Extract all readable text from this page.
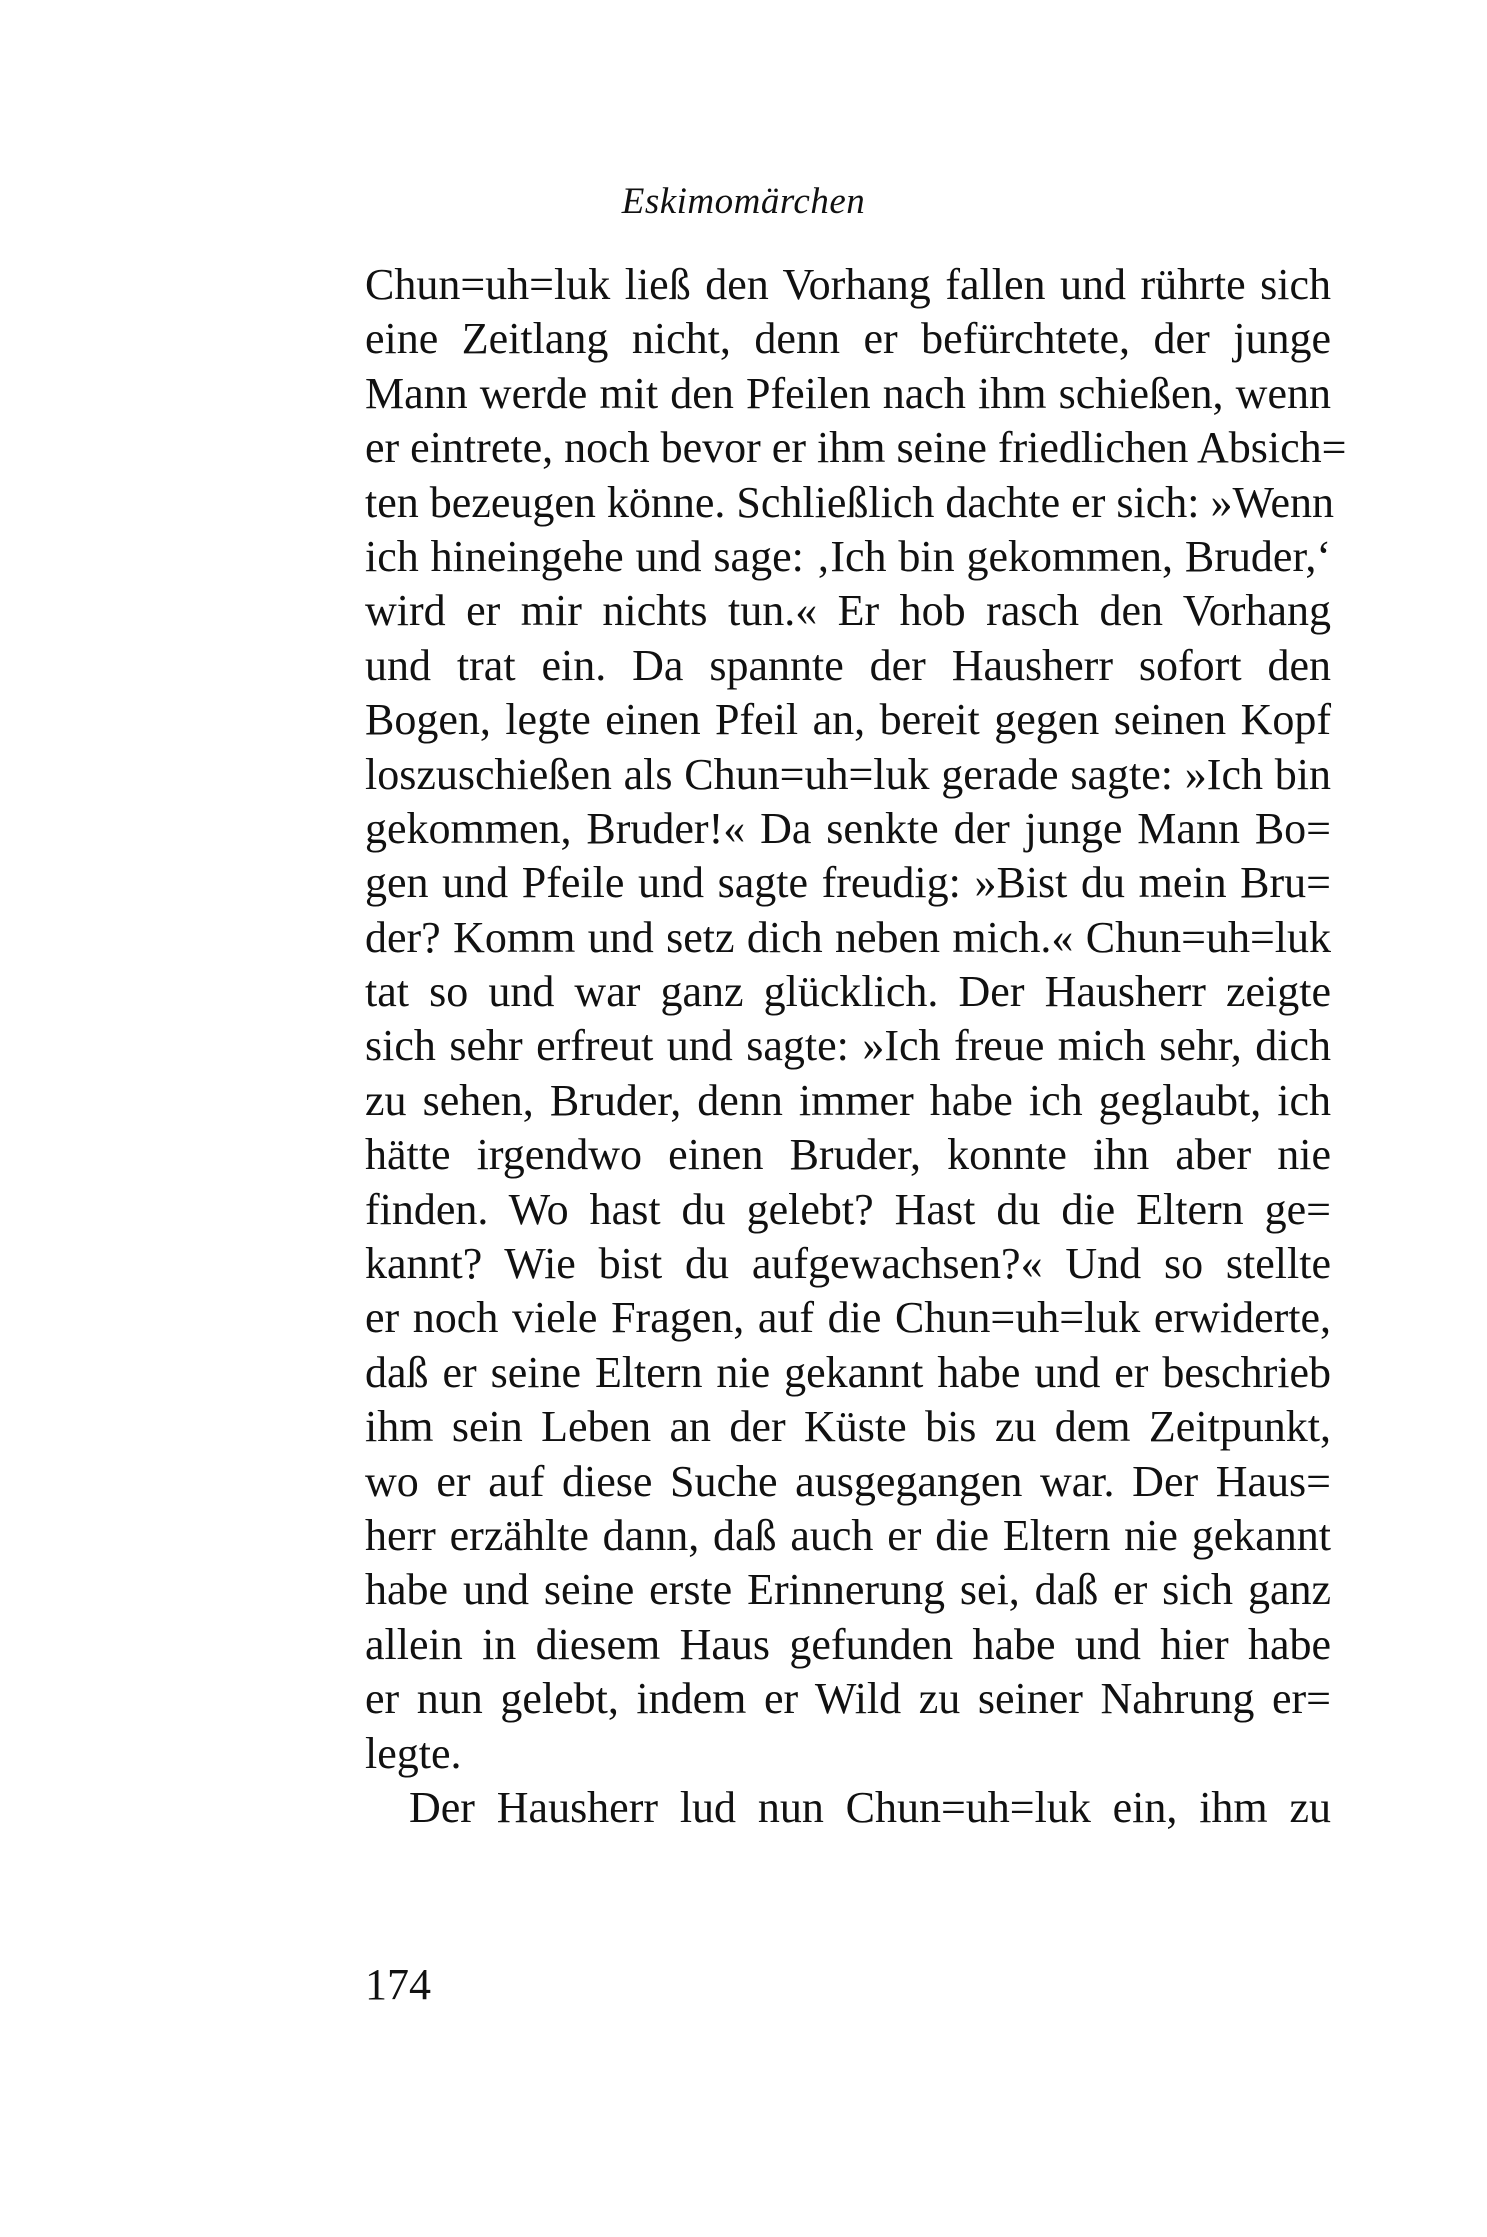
Eskimomärchen
Chun=uh=luk ließ den Vorhang fallen und rührte sich
eine Zeitlang nicht, denn er befürchtete, der junge
Mann werde mit den Pfeilen nach ihm schießen, wenn
er eintrete, noch bevor er ihm seine friedlichen Absich=
ten bezeugen könne. Schließlich dachte er sich: »Wenn
ich hineingehe und sage: ‚Ich bin gekommen, Bruder,‘
wird er mir nichts tun.« Er hob rasch den Vorhang
und trat ein. Da spannte der Hausherr sofort den
Bogen, legte einen Pfeil an, bereit gegen seinen Kopf
loszuschießen als Chun=uh=luk gerade sagte: »Ich bin
gekommen, Bruder!« Da senkte der junge Mann Bo=
gen und Pfeile und sagte freudig: »Bist du mein Bru=
der? Komm und setz dich neben mich.« Chun=uh=luk
tat so und war ganz glücklich. Der Hausherr zeigte
sich sehr erfreut und sagte: »Ich freue mich sehr, dich
zu sehen, Bruder, denn immer habe ich geglaubt, ich
hätte irgendwo einen Bruder, konnte ihn aber nie
finden. Wo hast du gelebt? Hast du die Eltern ge=
kannt? Wie bist du aufgewachsen?« Und so stellte
er noch viele Fragen, auf die Chun=uh=luk erwiderte,
daß er seine Eltern nie gekannt habe und er beschrieb
ihm sein Leben an der Küste bis zu dem Zeitpunkt,
wo er auf diese Suche ausgegangen war. Der Haus=
herr erzählte dann, daß auch er die Eltern nie gekannt
habe und seine erste Erinnerung sei, daß er sich ganz
allein in diesem Haus gefunden habe und hier habe
er nun gelebt, indem er Wild zu seiner Nahrung er=
legte.
Der Hausherr lud nun Chun=uh=luk ein, ihm zu
174
